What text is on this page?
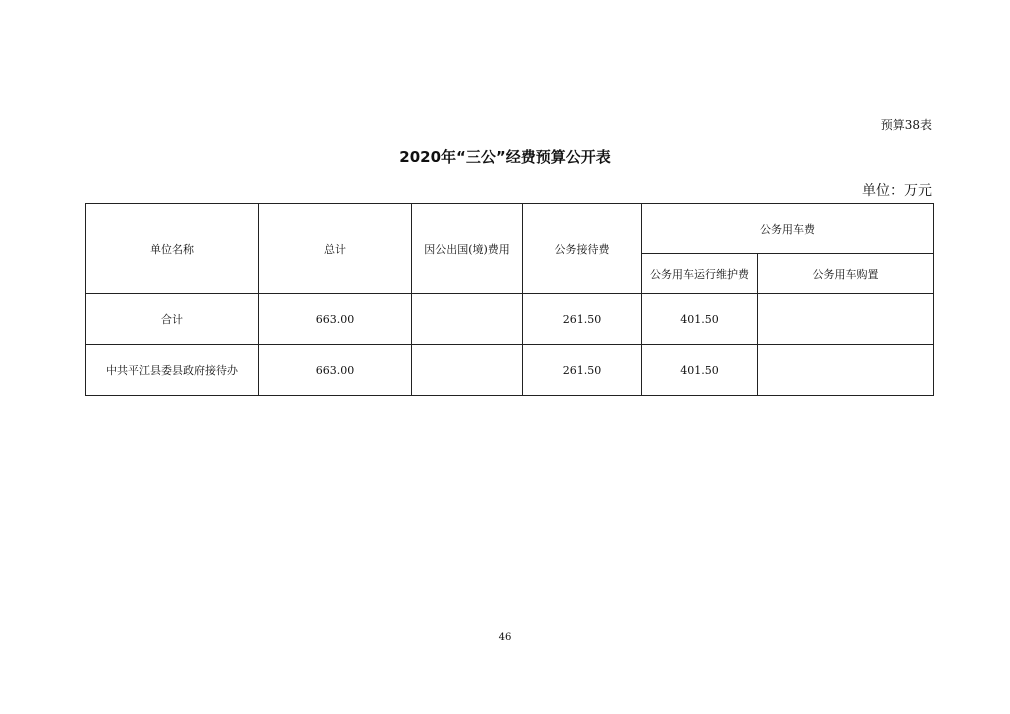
预算38表
2020年“三公”经费预算公开表
单位：万元
单位名称	总计	因公出国(境)费用	公务接待费	公务用车费	
				公务用车运行维护费	公务用车购置
合计	663.00		261.50	401.50	
中共平江县委县政府接待办	663.00		261.50	401.50	
46
